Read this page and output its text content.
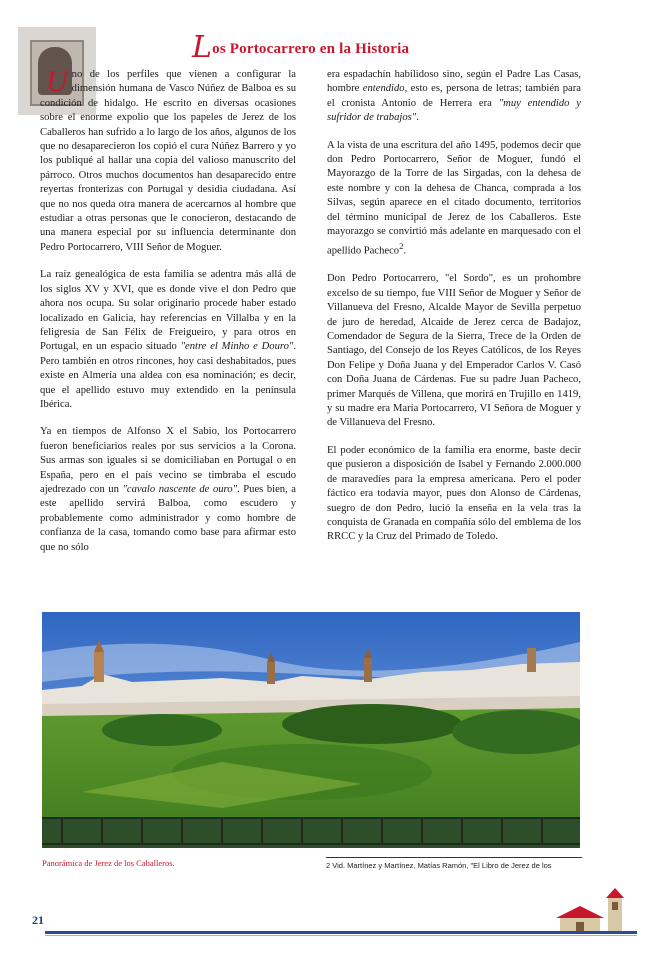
Los Portocarrero en la Historia

Uno de los perfiles que vienen a configurar la dimensión humana de Vasco Núñez de Balboa es su condición de hidalgo. He escrito en diversas ocasiones sobre el enorme expolio que los papeles de Jerez de los Caballeros han sufrido a lo largo de los años, algunos de los que no desaparecieron los copió el cura Núñez Barrero y yo los publiqué al hallar una copia del valioso manuscrito del párroco. Otros muchos documentos han desaparecido entre reyertas fronterizas con Portugal y desidia ciudadana. Así que no nos queda otra manera de acercarnos al hombre que estudiar a otras personas que le conocieron, destacando de una manera especial por su influencia determinante don Pedro Portocarrero, VIII Señor de Moguer.

La raíz genealógica de esta familia se adentra más allá de los siglos XV y XVI, que es donde vive el don Pedro que ahora nos ocupa. Su solar originario procede haber estado localizado en Galicia, hay referencias en Villalba y en la feligresía de San Félix de Freigueiro, y para otros en Portugal, en un espacio situado "entre el Minho e Douro". Pero también en otros rincones, hoy casi deshabitados, pues existe en Almería una aldea con esa nominación; es decir, que el apellido estuvo muy extendido en la península Ibérica.

Ya en tiempos de Alfonso X el Sabio, los Portocarrero fueron beneficiarios reales por sus servicios a la Corona. Sus armas son iguales si se domiciliaban en Portugal o en España, pero en el país vecino se timbraba el escudo ajedrezado con un "cavalo nascente de ouro". Pues bien, a este apellido servirá Balboa, como escudero y probablemente como administrador y como hombre de confianza de la casa, tomando como base para afirmar esto que no sólo

era espadachín habilidoso sino, según el Padre Las Casas, hombre entendido, esto es, persona de letras; también para el cronista Antonio de Herrera era "muy entendido y sufridor de trabajos".

A la vista de una escritura del año 1495, podemos decir que don Pedro Portocarrero, Señor de Moguer, fundó el Mayorazgo de la Torre de las Sirgadas, con la dehesa de este nombre y con la dehesa de Chanca, comprada a los Silvas, según aparece en el citado documento, territorios del término municipal de Jerez de los Caballeros. Este mayorazgo se convirtió más adelante en marquesado con el apellido Pacheco$^2$.

Don Pedro Portocarrero, "el Sordo", es un prohombre excelso de su tiempo, fue VIII Señor de Moguer y Señor de Villanueva del Fresno, Alcalde Mayor de Sevilla perpetuo de juro de heredad, Alcaide de Jerez cerca de Badajoz, Comendador de Segura de la Sierra, Trece de la Orden de Santiago, del Consejo de los Reyes Católicos, de los Reyes Don Felipe y Doña Juana y del Emperador Carlos V. Casó con Doña Juana de Cárdenas. Fue su padre Juan Pacheco, primer Marqués de Villena, que morirá en Trujillo en 1419, y su madre era María Portocarrero, VI Señora de Moguer y de Villanueva del Fresno.

El poder económico de la familia era enorme, baste decir que pusieron a disposición de Isabel y Fernando 2.000.000 de maravedíes para la empresa americana. Pero el poder fáctico era todavía mayor, pues don Alonso de Cárdenas, suegro de don Pedro, lució la enseña en la vela tras la conquista de Granada en compañía sólo del emblema de los RRCC y la Cruz del Primado de Toledo.

Panorámica de Jerez de los Caballeros.	2 Vid. Martínez y Martínez, Matías Ramón, "El Libro de Jerez de los
21
